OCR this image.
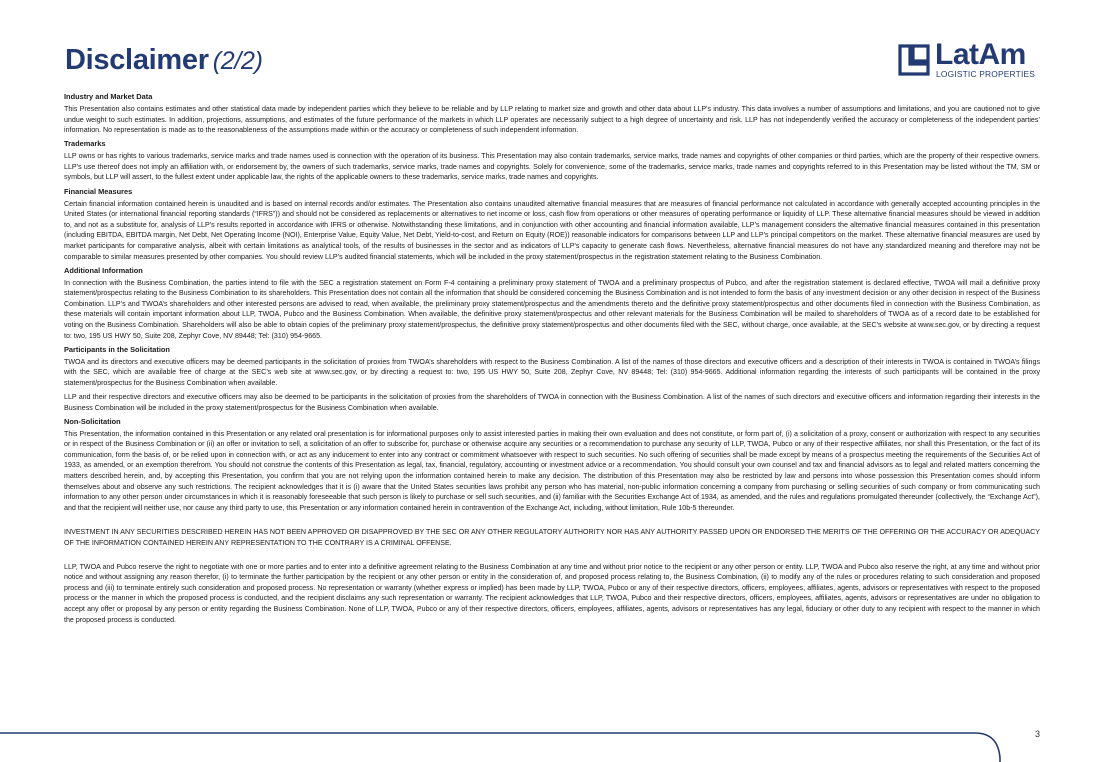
Disclaimer (2/2)	LatAm
LOGISTIC PROPERTIES
Industry and Market Data

This Presentation also contains estimates and other statistical data made by independent parties which they believe to be reliable and by LLP relating to market size and growth and other data about LLP’s industry. This data involves a number of assumptions and limitations, and you are cautioned not to give undue weight to such estimates. In addition, projections, assumptions, and estimates of the future performance of the markets in which LLP operates are necessarily subject to a high degree of uncertainty and risk. LLP has not independently verified the accuracy or completeness of the independent parties’ information. No representation is made as to the reasonableness of the assumptions made within or the accuracy or completeness of such independent information.

Trademarks

LLP owns or has rights to various trademarks, service marks and trade names used is connection with the operation of its business. This Presentation may also contain trademarks, service marks, trade names and copyrights of other companies or third parties, which are the property of their respective owners. LLP’s use thereof does not imply an affiliation with, or endorsement by, the owners of such trademarks, service marks, trade names and copyrights. Solely for convenience, some of the trademarks, service marks, trade names and copyrights referred to in this Presentation may be listed without the TM, SM or symbols, but LLP will assert, to the fullest extent under applicable law, the rights of the applicable owners to these trademarks, service marks, trade names and copyrights.

Financial Measures

Certain financial information contained herein is unaudited and is based on internal records and/or estimates. The Presentation also contains unaudited alternative financial measures that are measures of financial performance not calculated in accordance with generally accepted accounting principles in the United States (or international financial reporting standards (“IFRS”)) and should not be considered as replacements or alternatives to net income or loss, cash flow from operations or other measures of operating performance or liquidity of LLP. These alternative financial measures should be viewed in addition to, and not as a substitute for, analysis of LLP’s results reported in accordance with IFRS or otherwise. Notwithstanding these limitations, and in conjunction with other accounting and financial information available, LLP’s management considers the alternative financial measures contained in this presentation (including EBITDA, EBITDA margin, Net Debt, Net Operating Income (NOI), Enterprise Value, Equity Value, Net Debt, Yield-to-cost, and Return on Equity (ROE)) reasonable indicators for comparisons between LLP and LLP’s principal competitors on the market. These alternative financial measures are used by market participants for comparative analysis, albeit with certain limitations as analytical tools, of the results of businesses in the sector and as indicators of LLP’s capacity to generate cash flows. Nevertheless, alternative financial measures do not have any standardized meaning and therefore may not be comparable to similar measures presented by other companies. You should review LLP’s audited financial statements, which will be included in the proxy statement/prospectus in the registration statement relating to the Business Combination.

Additional Information

In connection with the Business Combination, the parties intend to file with the SEC a registration statement on Form F-4 containing a preliminary proxy statement of TWOA and a preliminary prospectus of Pubco, and after the registration statement is declared effective, TWOA will mail a definitive proxy statement/prospectus relating to the Business Combination to its shareholders. This Presentation does not contain all the information that should be considered concerning the Business Combination and is not intended to form the basis of any investment decision or any other decision in respect of the Business Combination. LLP’s and TWOA’s shareholders and other interested persons are advised to read, when available, the preliminary proxy statement/prospectus and the amendments thereto and the definitive proxy statement/prospectus and other documents filed in connection with the Business Combination, as these materials will contain important information about LLP, TWOA, Pubco and the Business Combination. When available, the definitive proxy statement/prospectus and other relevant materials for the Business Combination will be mailed to shareholders of TWOA as of a record date to be established for voting on the Business Combination. Shareholders will also be able to obtain copies of the preliminary proxy statement/prospectus, the definitive proxy statement/prospectus and other documents filed with the SEC, without charge, once available, at the SEC’s website at www.sec.gov, or by directing a request to: two, 195 US HWY 50, Suite 208, Zephyr Cove, NV 89448; Tel: (310) 954-9665.

Participants in the Solicitation

TWOA and its directors and executive officers may be deemed participants in the solicitation of proxies from TWOA’s shareholders with respect to the Business Combination. A list of the names of those directors and executive officers and a description of their interests in TWOA is contained in TWOA’s filings with the SEC, which are available free of charge at the SEC’s web site at www.sec.gov, or by directing a request to: two, 195 US HWY 50, Suite 208, Zephyr Cove, NV 89448; Tel: (310) 954-9665. Additional information regarding the interests of such participants will be contained in the proxy statement/prospectus for the Business Combination when available.

LLP and their respective directors and executive officers may also be deemed to be participants in the solicitation of proxies from the shareholders of TWOA in connection with the Business Combination. A list of the names of such directors and executive officers and information regarding their interests in the Business Combination will be included in the proxy statement/prospectus for the Business Combination when available.

Non-Solicitation

This Presentation, the information contained in this Presentation or any related oral presentation is for informational purposes only to assist interested parties in making their own evaluation and does not constitute, or form part of, (i) a solicitation of a proxy, consent or authorization with respect to any securities or in respect of the Business Combination or (ii) an offer or invitation to sell, a solicitation of an offer to subscribe for, purchase or otherwise acquire any securities or a recommendation to purchase any security of LLP, TWOA, Pubco or any of their respective affiliates, nor shall this Presentation, or the fact of its communication, form the basis of, or be relied upon in connection with, or act as any inducement to enter into any contract or commitment whatsoever with respect to such securities. No such offering of securities shall be made except by means of a prospectus meeting the requirements of the Securities Act of 1933, as amended, or an exemption therefrom. You should not construe the contents of this Presentation as legal, tax, financial, regulatory, accounting or investment advice or a recommendation. You should consult your own counsel and tax and financial advisors as to legal and related matters concerning the matters described herein, and, by accepting this Presentation, you confirm that you are not relying upon the information contained herein to make any decision. The distribution of this Presentation may also be restricted by law and persons into whose possession this Presentation comes should inform themselves about and observe any such restrictions. The recipient acknowledges that it is (i) aware that the United States securities laws prohibit any person who has material, non-public information concerning a company from purchasing or selling securities of such company or from communicating such information to any other person under circumstances in which it is reasonably foreseeable that such person is likely to purchase or sell such securities, and (ii) familiar with the Securities Exchange Act of 1934, as amended, and the rules and regulations promulgated thereunder (collectively, the “Exchange Act”), and that the recipient will neither use, nor cause any third party to use, this Presentation or any information contained herein in contravention of the Exchange Act, including, without limitation, Rule 10b-5 thereunder.

INVESTMENT IN ANY SECURITIES DESCRIBED HEREIN HAS NOT BEEN APPROVED OR DISAPPROVED BY THE SEC OR ANY OTHER REGULATORY AUTHORITY NOR HAS ANY AUTHORITY PASSED UPON OR ENDORSED THE MERITS OF THE OFFERING OR THE ACCURACY OR ADEQUACY OF THE INFORMATION CONTAINED HEREIN ANY REPRESENTATION TO THE CONTRARY IS A CRIMINAL OFFENSE.

LLP, TWOA and Pubco reserve the right to negotiate with one or more parties and to enter into a definitive agreement relating to the Business Combination at any time and without prior notice to the recipient or any other person or entity. LLP, TWOA and Pubco also reserve the right, at any time and without prior notice and without assigning any reason therefor, (i) to terminate the further participation by the recipient or any other person or entity in the consideration of, and proposed process relating to, the Business Combination, (ii) to modify any of the rules or procedures relating to such consideration and proposed process and (iii) to terminate entirely such consideration and proposed process. No representation or warranty (whether express or implied) has been made by LLP, TWOA, Pubco or any of their respective directors, officers, employees, affiliates, agents, advisors or representatives with respect to the proposed process or the manner in which the proposed process is conducted, and the recipient disclaims any such representation or warranty. The recipient acknowledges that LLP, TWOA, Pubco and their respective directors, officers, employees, affiliates, agents, advisors or representatives are under no obligation to accept any offer or proposal by any person or entity regarding the Business Combination. None of LLP, TWOA, Pubco or any of their respective directors, officers, employees, affiliates, agents, advisors or representatives has any legal, fiduciary or other duty to any recipient with respect to the manner in which the proposed process is conducted.

3
